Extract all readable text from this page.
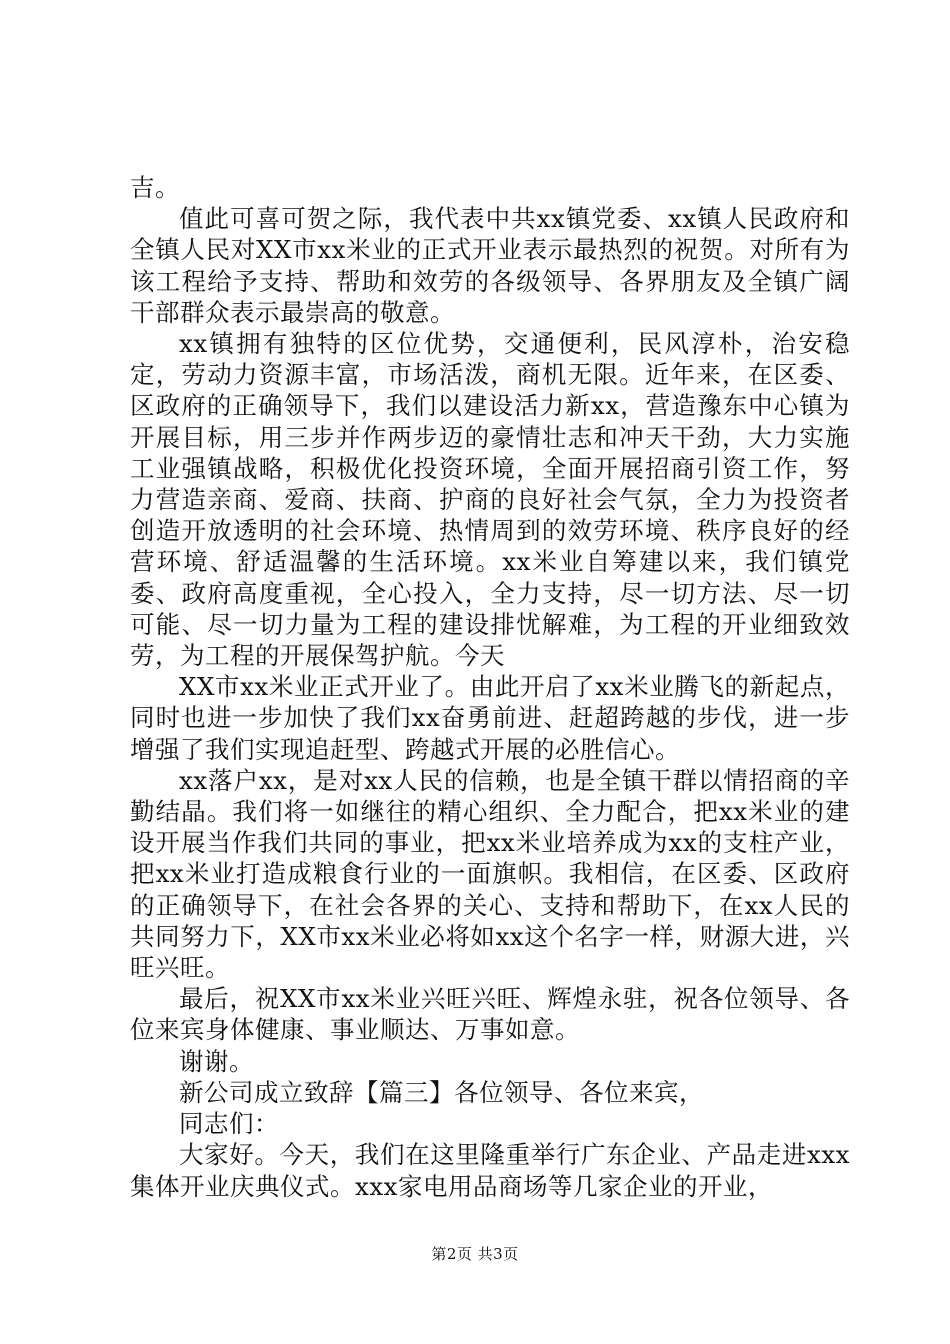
吉。

值此可喜可贺之际，我代表中共xx镇党委、xx镇人民政府和全镇人民对XX市xx米业的正式开业表示最热烈的祝贺。对所有为该工程给予支持、帮助和效劳的各级领导、各界朋友及全镇广阔干部群众表示最崇高的敬意。

xx镇拥有独特的区位优势，交通便利，民风淳朴，治安稳定，劳动力资源丰富，市场活泼，商机无限。近年来，在区委、区政府的正确领导下，我们以建设活力新xx，营造豫东中心镇为开展目标，用三步并作两步迈的豪情壮志和冲天干劲，大力实施工业强镇战略，积极优化投资环境，全面开展招商引资工作，努力营造亲商、爱商、扶商、护商的良好社会气氛，全力为投资者创造开放透明的社会环境、热情周到的效劳环境、秩序良好的经营环境、舒适温馨的生活环境。xx米业自筹建以来，我们镇党委、政府高度重视，全心投入，全力支持，尽一切方法、尽一切可能、尽一切力量为工程的建设排忧解难，为工程的开业细致效劳，为工程的开展保驾护航。今天

XX市xx米业正式开业了。由此开启了xx米业腾飞的新起点，同时也进一步加快了我们xx奋勇前进、赶超跨越的步伐，进一步增强了我们实现追赶型、跨越式开展的必胜信心。

xx落户xx，是对xx人民的信赖，也是全镇干群以情招商的辛勤结晶。我们将一如继往的精心组织、全力配合，把xx米业的建设开展当作我们共同的事业，把xx米业培养成为xx的支柱产业，把xx米业打造成粮食行业的一面旗帜。我相信，在区委、区政府的正确领导下，在社会各界的关心、支持和帮助下，在xx人民的共同努力下，XX市xx米业必将如xx这个名字一样，财源大进，兴旺兴旺。

最后，祝XX市xx米业兴旺兴旺、辉煌永驻，祝各位领导、各位来宾身体健康、事业顺达、万事如意。

谢谢。

新公司成立致辞【篇三】各位领导、各位来宾，

同志们：

大家好。今天，我们在这里隆重举行广东企业、产品走进xxx集体开业庆典仪式。xxx家电用品商场等几家企业的开业，

第2页 共3页
